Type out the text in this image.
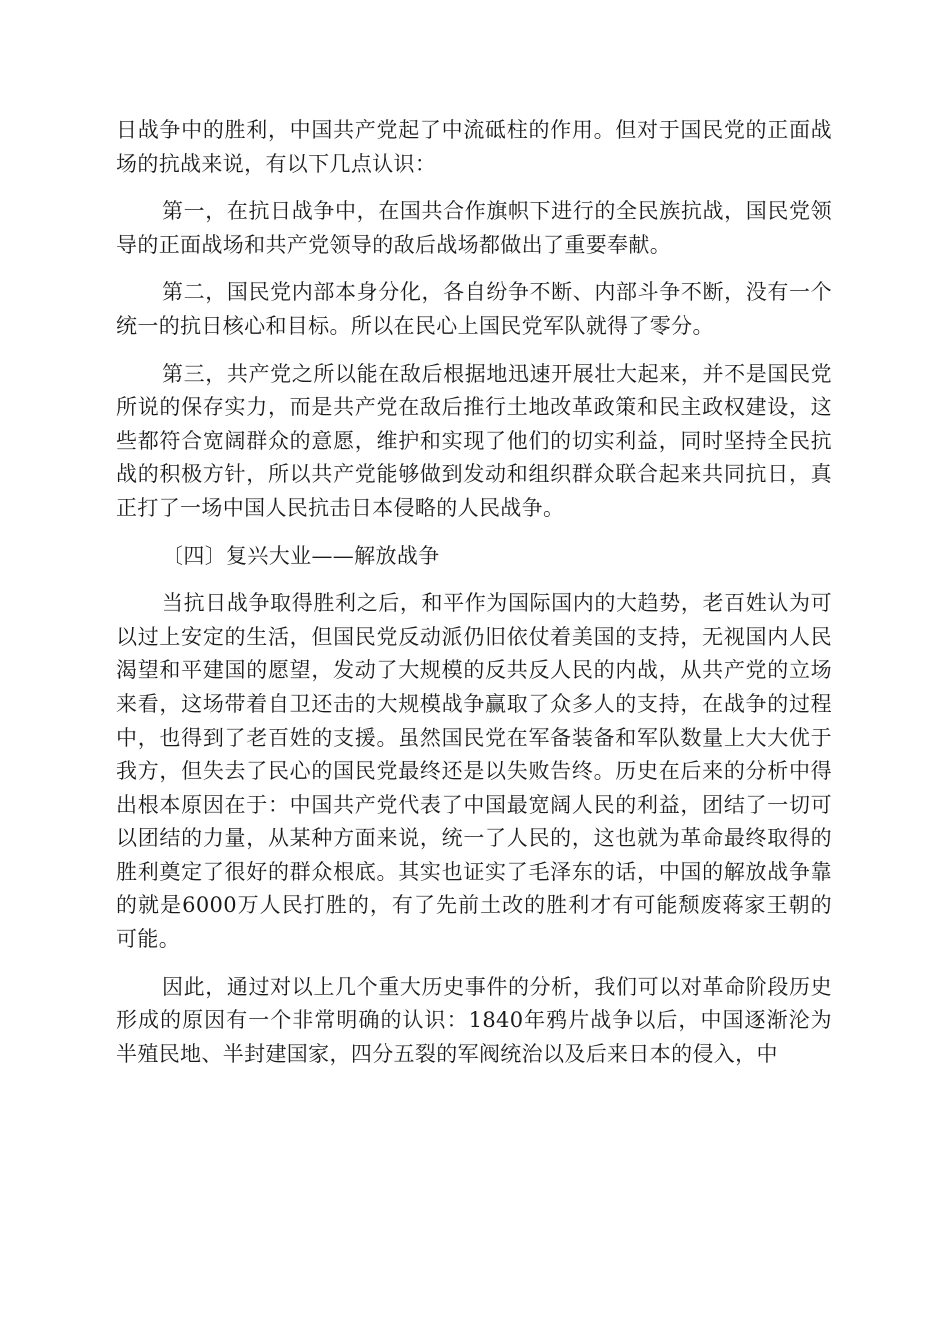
日战争中的胜利，中国共产党起了中流砥柱的作用。但对于国民党的正面战场的抗战来说，有以下几点认识：

第一，在抗日战争中，在国共合作旗帜下进行的全民族抗战，国民党领导的正面战场和共产党领导的敌后战场都做出了重要奉献。

第二，国民党内部本身分化，各自纷争不断、内部斗争不断，没有一个统一的抗日核心和目标。所以在民心上国民党军队就得了零分。

第三，共产党之所以能在敌后根据地迅速开展壮大起来，并不是国民党所说的保存实力，而是共产党在敌后推行土地改革政策和民主政权建设，这些都符合宽阔群众的意愿，维护和实现了他们的切实利益，同时坚持全民抗战的积极方针，所以共产党能够做到发动和组织群众联合起来共同抗日，真正打了一场中国人民抗击日本侵略的人民战争。

〔四〕复兴大业——解放战争

当抗日战争取得胜利之后，和平作为国际国内的大趋势，老百姓认为可以过上安定的生活，但国民党反动派仍旧依仗着美国的支持，无视国内人民渴望和平建国的愿望，发动了大规模的反共反人民的内战，从共产党的立场来看，这场带着自卫还击的大规模战争赢取了众多人的支持，在战争的过程中，也得到了老百姓的支援。虽然国民党在军备装备和军队数量上大大优于我方，但失去了民心的国民党最终还是以失败告终。历史在后来的分析中得出根本原因在于：中国共产党代表了中国最宽阔人民的利益，团结了一切可以团结的力量，从某种方面来说，统一了人民的，这也就为革命最终取得的胜利奠定了很好的群众根底。其实也证实了毛泽东的话，中国的解放战争靠的就是6000万人民打胜的，有了先前土改的胜利才有可能颓废蒋家王朝的可能。

因此，通过对以上几个重大历史事件的分析，我们可以对革命阶段历史形成的原因有一个非常明确的认识：1840年鸦片战争以后，中国逐渐沦为半殖民地、半封建国家，四分五裂的军阀统治以及后来日本的侵入，中
